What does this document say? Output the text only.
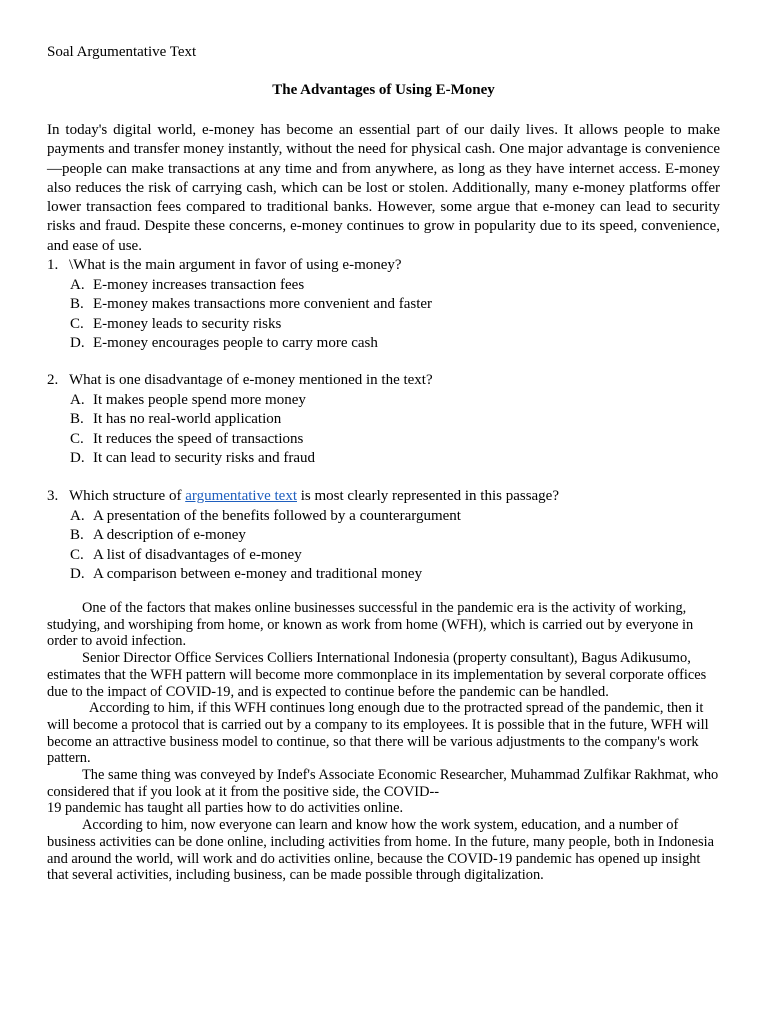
Soal Argumentative Text
The Advantages of Using E-Money

In today's digital world, e-money has become an essential part of our daily lives. It allows people to make payments and transfer money instantly, without the need for physical cash. One major advantage is convenience—people can make transactions at any time and from anywhere, as long as they have internet access. E-money also reduces the risk of carrying cash, which can be lost or stolen. Additionally, many e-money platforms offer lower transaction fees compared to traditional banks. However, some argue that e-money can lead to security risks and fraud. Despite these concerns, e-money continues to grow in popularity due to its speed, convenience, and ease of use.

1. \What is the main argument in favor of using e-money?
A. E-money increases transaction fees
B. E-money makes transactions more convenient and faster
C. E-money leads to security risks
D. E-money encourages people to carry more cash
2. What is one disadvantage of e-money mentioned in the text?
A. It makes people spend more money
B. It has no real-world application
C. It reduces the speed of transactions
D. It can lead to security risks and fraud
3. Which structure of argumentative text is most clearly represented in this passage?
A. A presentation of the benefits followed by a counterargument
B. A description of e-money
C. A list of disadvantages of e-money
D. A comparison between e-money and traditional money

One of the factors that makes online businesses successful in the pandemic era is the activity of working, studying, and worshiping from home, or known as work from home (WFH), which is carried out by everyone in order to avoid infection.

Senior Director Office Services Colliers International Indonesia (property consultant), Bagus Adikusumo, estimates that the WFH pattern will become more commonplace in its implementation by several corporate offices due to the impact of COVID-19, and is expected to continue before the pandemic can be handled.

According to him, if this WFH continues long enough due to the protracted spread of the pandemic, then it will become a protocol that is carried out by a company to its employees. It is possible that in the future, WFH will become an attractive business model to continue, so that there will be various adjustments to the company's work pattern.

The same thing was conveyed by Indef's Associate Economic Researcher, Muhammad Zulfikar Rakhmat, who considered that if you look at it from the positive side, the COVID--

19 pandemic has taught all parties how to do activities online.

According to him, now everyone can learn and know how the work system, education, and a number of business activities can be done online, including activities from home. In the future, many people, both in Indonesia and around the world, will work and do activities online, because the COVID-19 pandemic has opened up insight that several activities, including business, can be made possible through digitalization.
